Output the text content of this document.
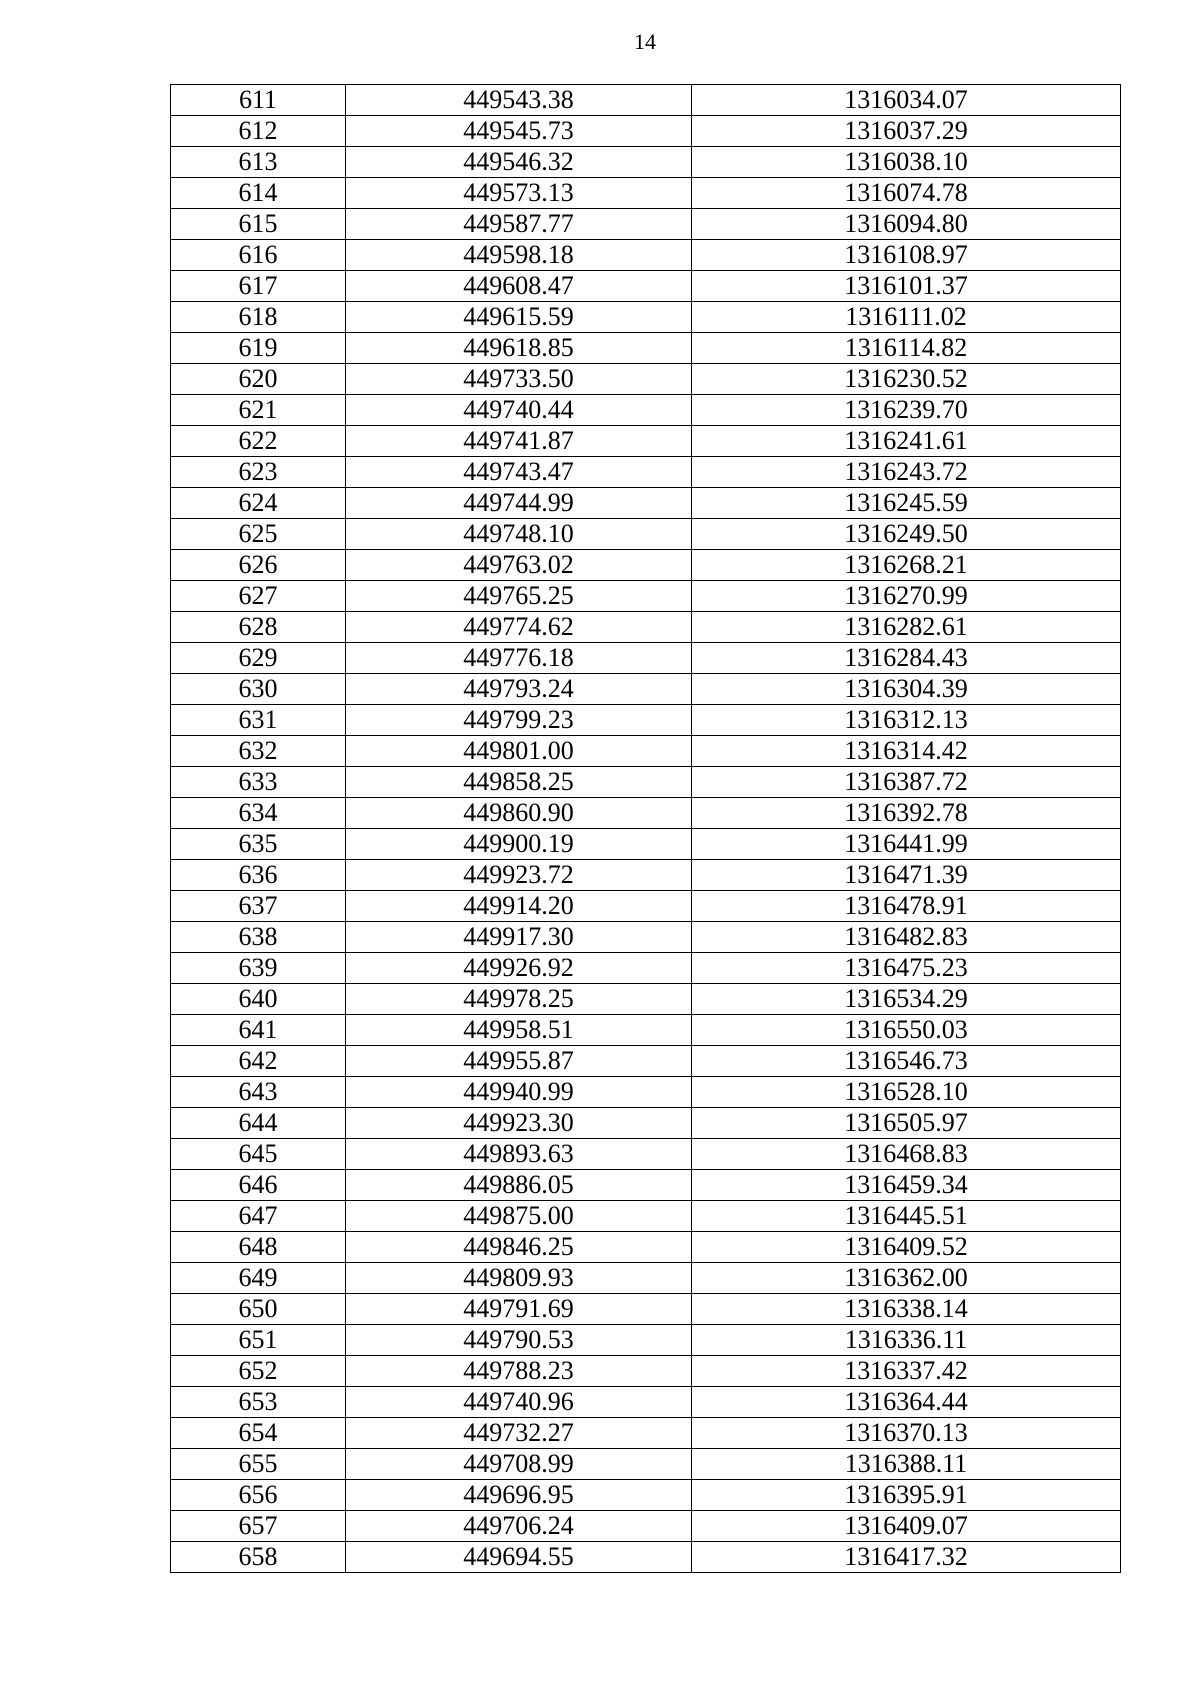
14
611	449543.38	1316034.07
612	449545.73	1316037.29
613	449546.32	1316038.10
614	449573.13	1316074.78
615	449587.77	1316094.80
616	449598.18	1316108.97
617	449608.47	1316101.37
618	449615.59	1316111.02
619	449618.85	1316114.82
620	449733.50	1316230.52
621	449740.44	1316239.70
622	449741.87	1316241.61
623	449743.47	1316243.72
624	449744.99	1316245.59
625	449748.10	1316249.50
626	449763.02	1316268.21
627	449765.25	1316270.99
628	449774.62	1316282.61
629	449776.18	1316284.43
630	449793.24	1316304.39
631	449799.23	1316312.13
632	449801.00	1316314.42
633	449858.25	1316387.72
634	449860.90	1316392.78
635	449900.19	1316441.99
636	449923.72	1316471.39
637	449914.20	1316478.91
638	449917.30	1316482.83
639	449926.92	1316475.23
640	449978.25	1316534.29
641	449958.51	1316550.03
642	449955.87	1316546.73
643	449940.99	1316528.10
644	449923.30	1316505.97
645	449893.63	1316468.83
646	449886.05	1316459.34
647	449875.00	1316445.51
648	449846.25	1316409.52
649	449809.93	1316362.00
650	449791.69	1316338.14
651	449790.53	1316336.11
652	449788.23	1316337.42
653	449740.96	1316364.44
654	449732.27	1316370.13
655	449708.99	1316388.11
656	449696.95	1316395.91
657	449706.24	1316409.07
658	449694.55	1316417.32
